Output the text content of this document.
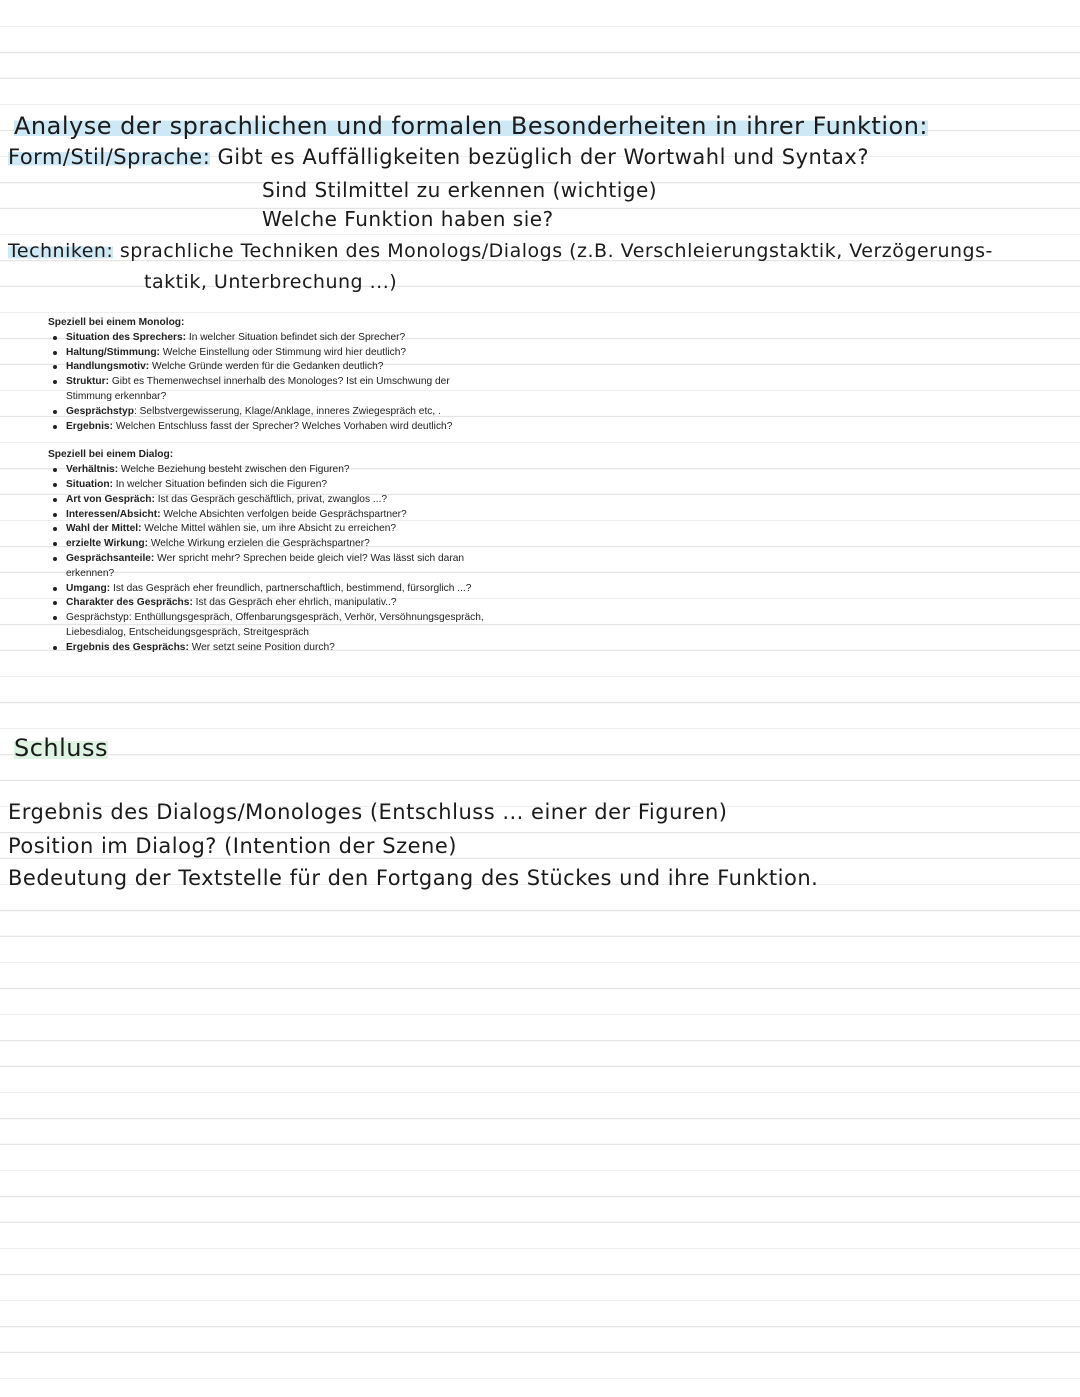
Analyse der sprachlichen und formalen Besonderheiten in ihrer Funktion:
Form/Stil/Sprache: Gibt es Auffälligkeiten bezüglich der Wortwahl und Syntax?
Sind Stilmittel zu erkennen (wichtige)
Welche Funktion haben sie?
Techniken: sprachliche Techniken des Monologs/Dialogs (z.B. Verschleierungstaktik, Verzögerungs-
taktik, Unterbrechung ...)

Speziell bei einem Monolog:

Situation des Sprechers: In welcher Situation befindet sich der Sprecher?
Haltung/Stimmung: Welche Einstellung oder Stimmung wird hier deutlich?
Handlungsmotiv: Welche Gründe werden für die Gedanken deutlich?
Struktur: Gibt es Themenwechsel innerhalb des Monologes? Ist ein Umschwung der Stimmung erkennbar?
Gesprächstyp: Selbstvergewisserung, Klage/Anklage, inneres Zwiegespräch etc, .
Ergebnis: Welchen Entschluss fasst der Sprecher? Welches Vorhaben wird deutlich?

Speziell bei einem Dialog:

Verhältnis: Welche Beziehung besteht zwischen den Figuren?
Situation: In welcher Situation befinden sich die Figuren?
Art von Gespräch: Ist das Gespräch geschäftlich, privat, zwanglos ...?
Interessen/Absicht: Welche Absichten verfolgen beide Gesprächspartner?
Wahl der Mittel: Welche Mittel wählen sie, um ihre Absicht zu erreichen?
erzielte Wirkung: Welche Wirkung erzielen die Gesprächspartner?
Gesprächsanteile: Wer spricht mehr? Sprechen beide gleich viel? Was lässt sich daran erkennen?
Umgang: Ist das Gespräch eher freundlich, partnerschaftlich, bestimmend, fürsorglich ...?
Charakter des Gesprächs: Ist das Gespräch eher ehrlich, manipulativ..?
Gesprächstyp: Enthüllungsgespräch, Offenbarungsgespräch, Verhör, Versöhnungsgespräch, Liebesdialog, Entscheidungsgespräch, Streitgespräch
Ergebnis des Gesprächs: Wer setzt seine Position durch?
Schluss
Ergebnis des Dialogs/Monologes (Entschluss ... einer der Figuren)
Position im Dialog? (Intention der Szene)
Bedeutung der Textstelle für den Fortgang des Stückes und ihre Funktion.
